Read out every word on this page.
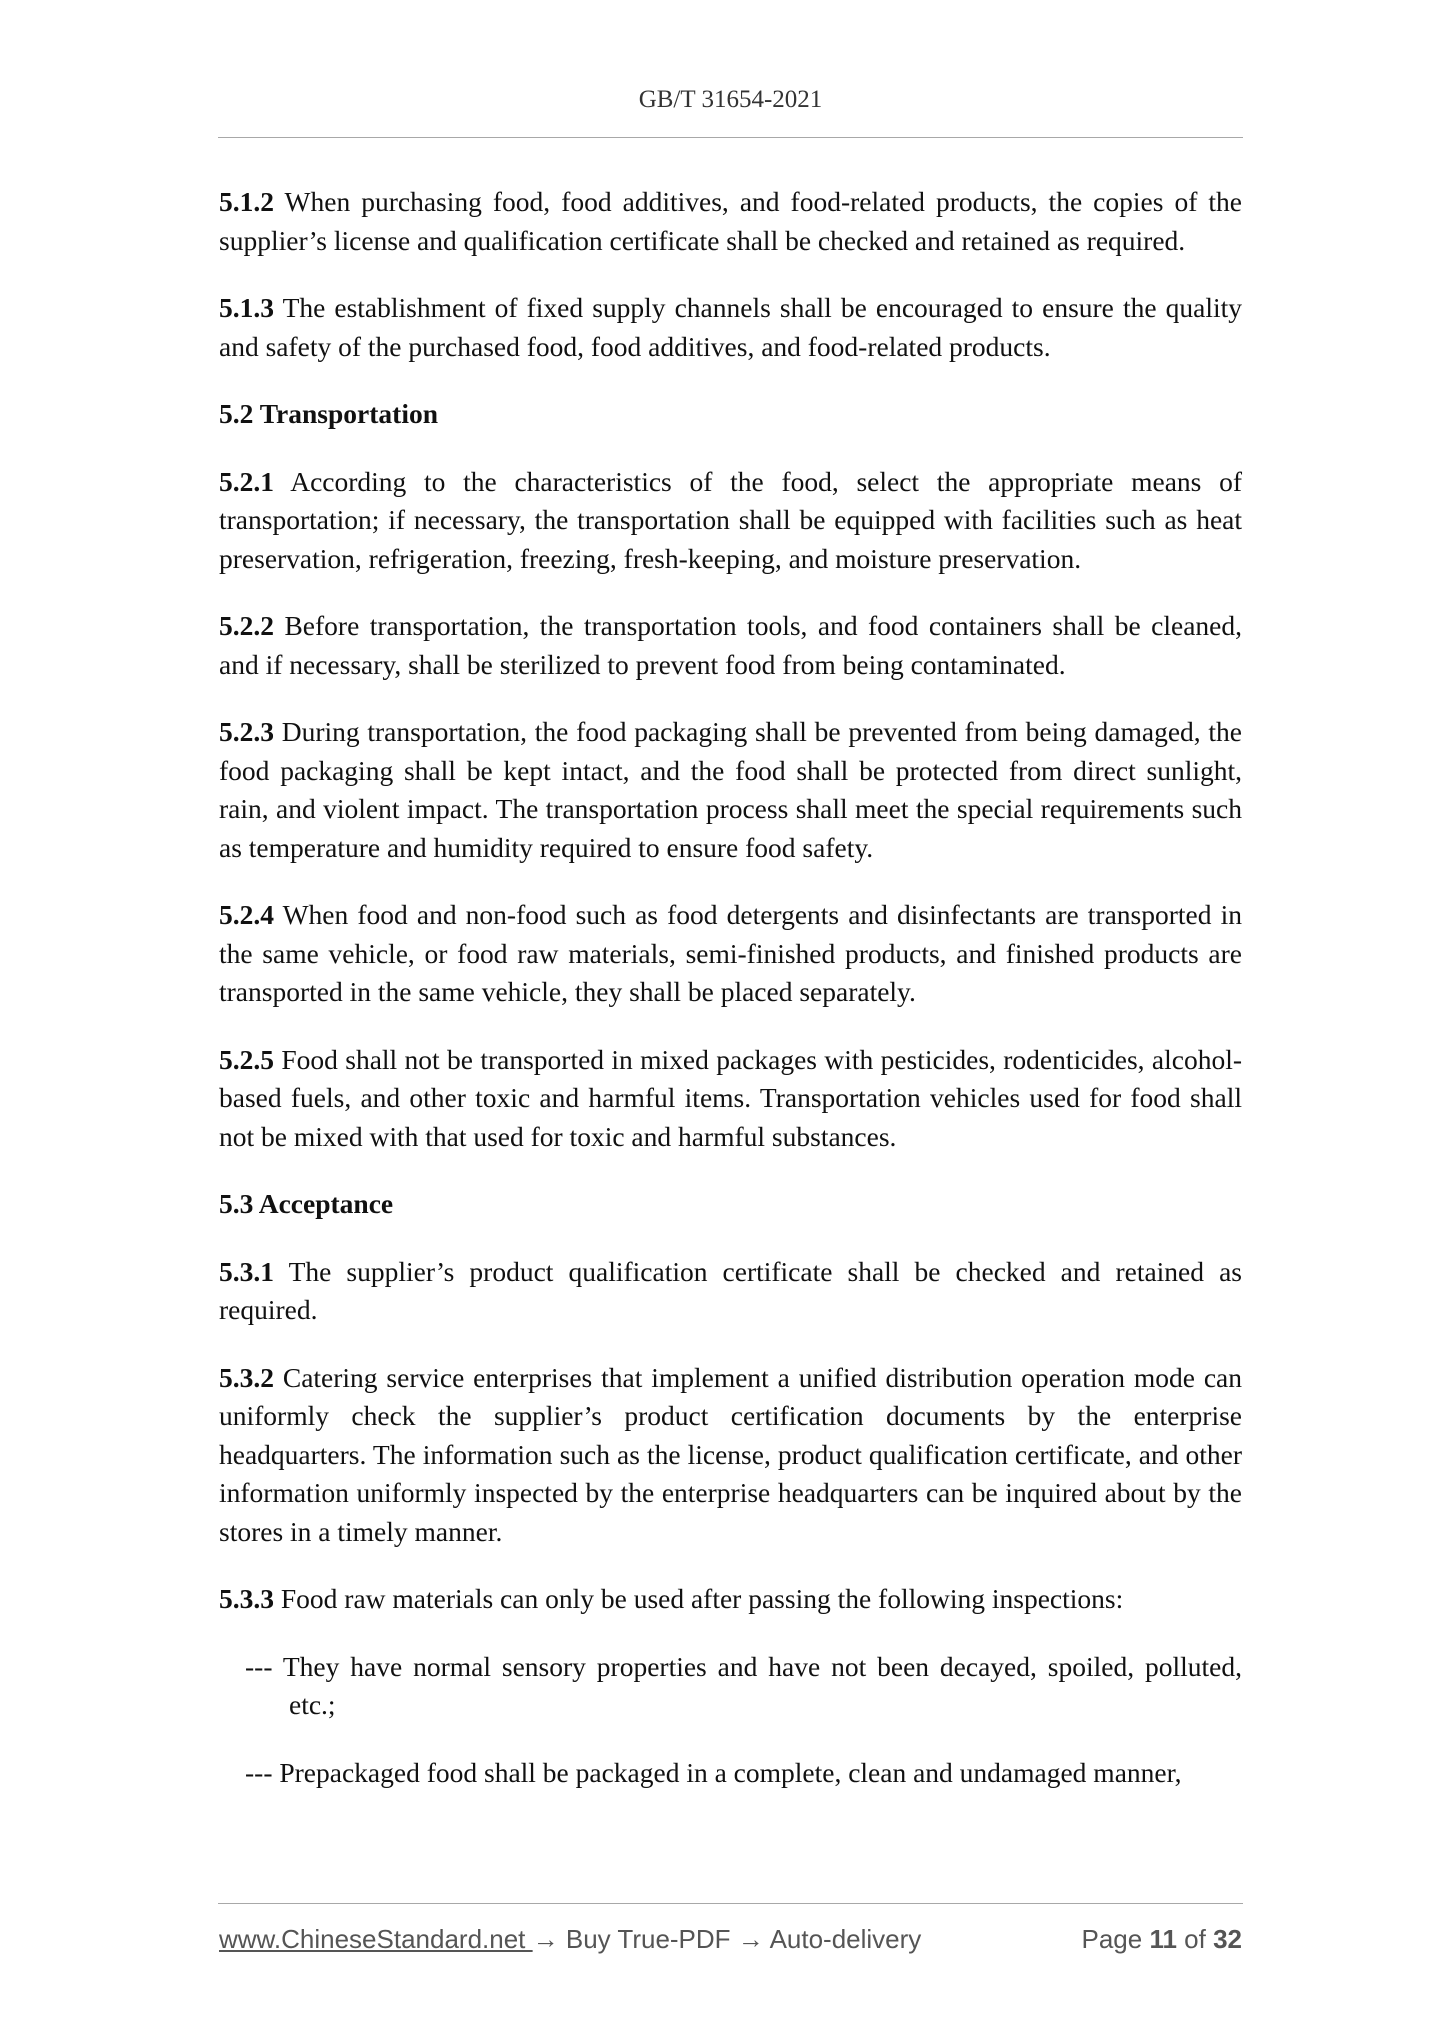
GB/T 31654-2021

5.1.2 When purchasing food, food additives, and food-related products, the copies of the supplier’s license and qualification certificate shall be checked and retained as required.

5.1.3 The establishment of fixed supply channels shall be encouraged to ensure the quality and safety of the purchased food, food additives, and food-related products.

5.2 Transportation

5.2.1 According to the characteristics of the food, select the appropriate means of transportation; if necessary, the transportation shall be equipped with facilities such as heat preservation, refrigeration, freezing, fresh-keeping, and moisture preservation.

5.2.2 Before transportation, the transportation tools, and food containers shall be cleaned, and if necessary, shall be sterilized to prevent food from being contaminated.

5.2.3 During transportation, the food packaging shall be prevented from being damaged, the food packaging shall be kept intact, and the food shall be protected from direct sunlight, rain, and violent impact. The transportation process shall meet the special requirements such as temperature and humidity required to ensure food safety.

5.2.4 When food and non-food such as food detergents and disinfectants are transported in the same vehicle, or food raw materials, semi-finished products, and finished products are transported in the same vehicle, they shall be placed separately.

5.2.5 Food shall not be transported in mixed packages with pesticides, rodenticides, alcohol-based fuels, and other toxic and harmful items. Transportation vehicles used for food shall not be mixed with that used for toxic and harmful substances.

5.3 Acceptance

5.3.1 The supplier’s product qualification certificate shall be checked and retained as required.

5.3.2 Catering service enterprises that implement a unified distribution operation mode can uniformly check the supplier’s product certification documents by the enterprise headquarters. The information such as the license, product qualification certificate, and other information uniformly inspected by the enterprise headquarters can be inquired about by the stores in a timely manner.

5.3.3 Food raw materials can only be used after passing the following inspections:

--- They have normal sensory properties and have not been decayed, spoiled, polluted, etc.;

--- Prepackaged food shall be packaged in a complete, clean and undamaged manner,

www.ChineseStandard.net → Buy True-PDF → Auto-delivery	Page 11 of 32
